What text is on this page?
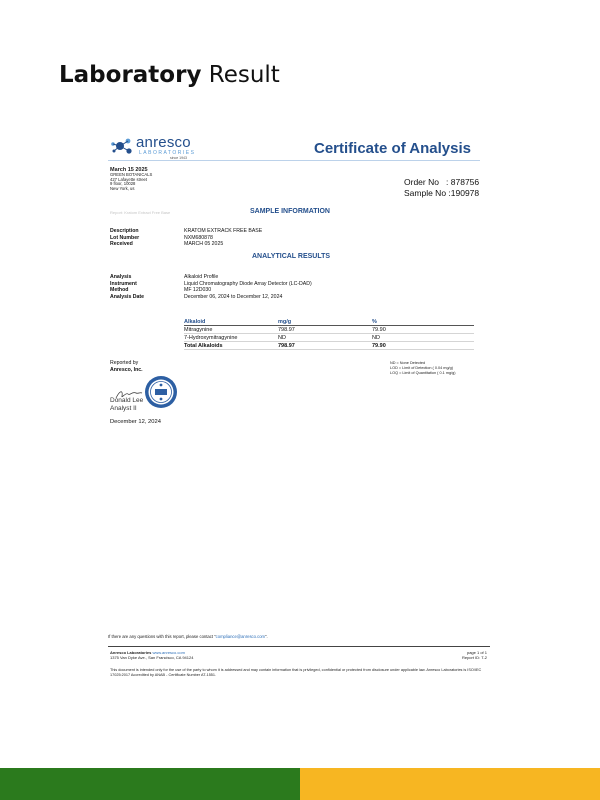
Laboratory Result
anresco
LABORATORIES
since 1943
Certificate of Analysis
March 15 2025
GREEN BOTANICALS
427 Lafayette street
9 floor, 10028
New York, us
Order No   : 878756
Sample No :190978
Report: Kratom Extract Free Base	SAMPLE INFORMATION
Description	KRATOM EXTRACK FREE BASE
Lot Number	NXM680878
Received	MARCH 05 2025
ANALYTICAL RESULTS
Analysis	Alkaloid Profile
Instrument	Liquid Chromatography Diode Array Detector (LC-DAD)
Method	MF 12D030
Analysis Date	December 06, 2024 to December 12, 2024
Alkaloid	mg/g	%
Mitragynine	798.97	79.90
7-Hydroxymitragynine	ND	ND
Total Alkaloids	798.97	79.90
Reported by
Anresco, Inc.
ND = None Detected
LOD = Limit of Detection ( 0.04 mg/g)
LOQ = Limit of Quantitation ( 0.1 mg/g)
Donald Lee
Analyst II
December 12, 2024
If there are any questions with this report, please contact "compliance@anresco.com".
Anresco Laboratories www.anresco.com
1375 Van Dyke Ave., San Francisco, CA 94124
page 1 of 1
Report ID: T-2
This document is intended only for the use of the party to whom it is addressed and may contain information that is privileged, confidential or protected from disclosure under applicable law. Anresco Laboratories is ISO/IEC 17025:2017 Accredited by ANAB - Certificate Number AT-1551.
